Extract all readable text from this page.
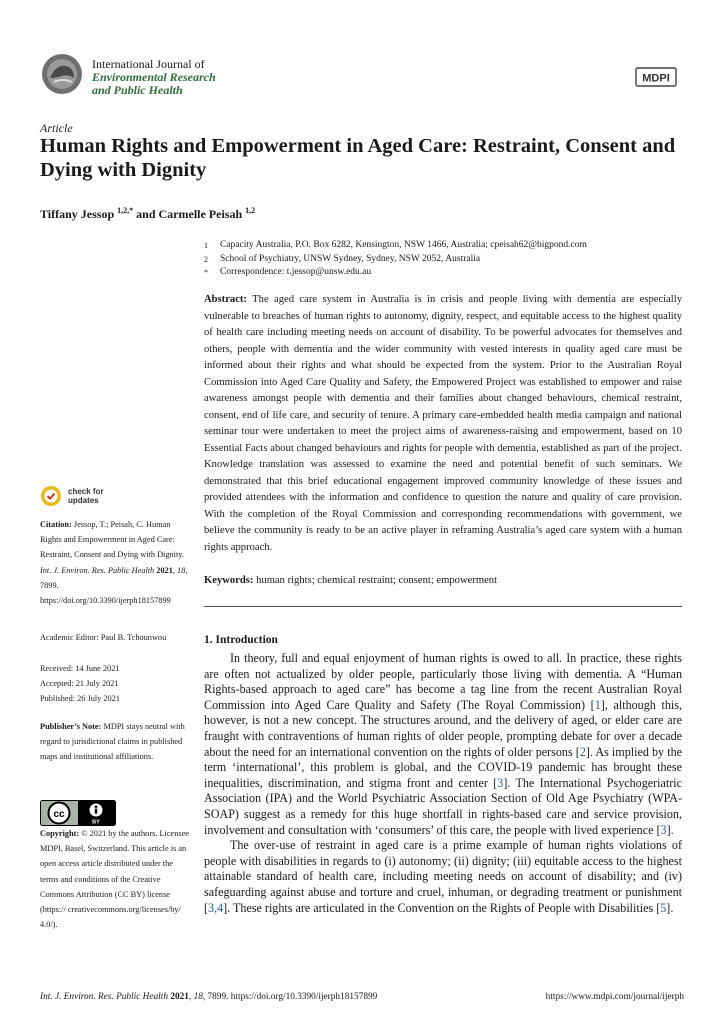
International Journal of
Environmental Research
and Public Health
MDPI
Article
Human Rights and Empowerment in Aged Care: Restraint, Consent and Dying with Dignity
Tiffany Jessop $^{1,2,*}$ and Carmelle Peisah $^{1,2}$
1	Capacity Australia, P.O. Box 6282, Kensington, NSW 1466, Australia; cpeisah62@bigpond.com
2	School of Psychiatry, UNSW Sydney, Sydney, NSW 2052, Australia
*	Correspondence: t.jessop@unsw.edu.au
Abstract: The aged care system in Australia is in crisis and people living with dementia are especially vulnerable to breaches of human rights to autonomy, dignity, respect, and equitable access to the highest quality of health care including meeting needs on account of disability. To be powerful advocates for themselves and others, people with dementia and the wider community with vested interests in quality aged care must be informed about their rights and what should be expected from the system. Prior to the Australian Royal Commission into Aged Care Quality and Safety, the Empowered Project was established to empower and raise awareness amongst people with dementia and their families about changed behaviours, chemical restraint, consent, end of life care, and security of tenure. A primary care-embedded health media campaign and national seminar tour were undertaken to meet the project aims of awareness-raising and empowerment, based on 10 Essential Facts about changed behaviours and rights for people with dementia, established as part of the project. Knowledge translation was assessed to examine the need and potential benefit of such seminars. We demonstrated that this brief educational engagement improved community knowledge of these issues and provided attendees with the information and confidence to question the nature and quality of care provision. With the completion of the Royal Commission and corresponding recommendations with government, we believe the community is ready to be an active player in reframing Australia’s aged care system with a human rights approach.
Keywords: human rights; chemical restraint; consent; empowerment
check for
updates
Citation: Jessop, T.; Peisah, C. Human Rights and Empowerment in Aged Care: Restraint, Consent and Dying with Dignity. Int. J. Environ. Res. Public Health 2021, 18, 7899. https://doi.org/10.3390/ijerph18157899
Academic Editor: Paul B. Tchounwou
Received: 14 June 2021
Accepted: 21 July 2021
Published: 26 July 2021
Publisher’s Note: MDPI stays neutral with regard to jurisdictional claims in published maps and institutional affiliations.
cc
BY
Copyright: © 2021 by the authors. Licensee MDPI, Basel, Switzerland. This article is an open access article distributed under the terms and conditions of the Creative Commons Attribution (CC BY) license (https:// creativecommons.org/licenses/by/ 4.0/).
1. Introduction

In theory, full and equal enjoyment of human rights is owed to all. In practice, these rights are often not actualized by older people, particularly those living with dementia. A “Human Rights-based approach to aged care” has become a tag line from the recent Australian Royal Commission into Aged Care Quality and Safety (The Royal Commission) [1], although this, however, is not a new concept. The structures around, and the delivery of aged, or elder care are fraught with contraventions of human rights of older people, prompting debate for over a decade about the need for an international convention on the rights of older persons [2]. As implied by the term ‘international’, this problem is global, and the COVID-19 pandemic has brought these inequalities, discrimination, and stigma front and center [3]. The International Psychogeriatric Association (IPA) and the World Psychiatric Association Section of Old Age Psychiatry (WPA-SOAP) suggest as a remedy for this huge shortfall in rights-based care and service provision, involvement and consultation with ‘consumers’ of this care, the people with lived experience [3].

The over-use of restraint in aged care is a prime example of human rights violations of people with disabilities in regards to (i) autonomy; (ii) dignity; (iii) equitable access to the highest attainable standard of health care, including meeting needs on account of disability; and (iv) safeguarding against abuse and torture and cruel, inhuman, or degrading treatment or punishment [3,4]. These rights are articulated in the Convention on the Rights of People with Disabilities [5].

Int. J. Environ. Res. Public Health 2021, 18, 7899. https://doi.org/10.3390/ijerph18157899	https://www.mdpi.com/journal/ijerph
